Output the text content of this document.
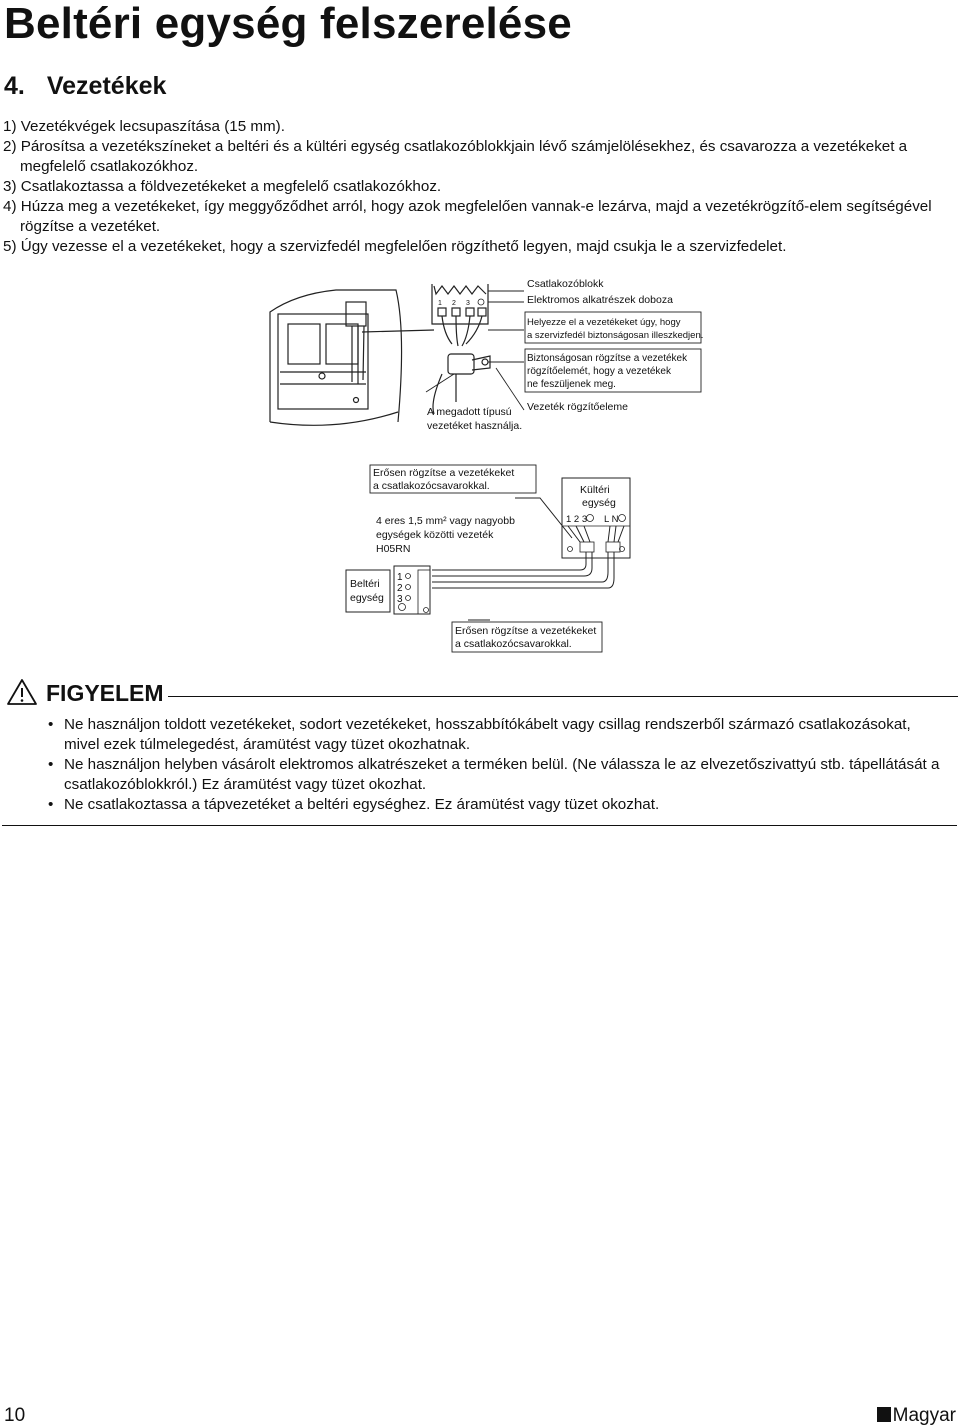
Beltéri egység felszerelése
4. Vezetékek
1) Vezetékvégek lecsupaszítása (15 mm).
2) Párosítsa a vezetékszíneket a beltéri és a kültéri egység csatlakozóblokkjain lévő számjelölésekhez, és csavarozza a vezetékeket a megfelelő csatlakozókhoz.
3) Csatlakoztassa a földvezetékeket a megfelelő csatlakozókhoz.
4) Húzza meg a vezetékeket, így meggyőződhet arról, hogy azok megfelelően vannak-e lezárva, majd a vezetékrögzítő-elem segítségével rögzítse a vezetéket.
5) Úgy vezesse el a vezetékeket, hogy a szervizfedél megfelelően rögzíthető legyen, majd csukja le a szervizfedelet.
1 2 3
Csatlakozóblokk
Elektromos alkatrészek doboza
Helyezze el a vezetékeket úgy, hogy
a szervizfedél biztonságosan illeszkedjen.
Biztonságosan rögzítse a vezetékek
rögzítőelemét, hogy a vezetékek
ne feszüljenek meg.
Vezeték rögzítőeleme
A megadott típusú
vezetéket használja.
Erősen rögzítse a vezetékeket
a csatlakozócsavarokkal.
4 eres 1,5 mm² vagy nagyobb
egységek közötti vezeték
H05RN
Kültéri
egység
1 2 3 L N
Beltéri
egység
1
2
3
Erősen rögzítse a vezetékeket
a csatlakozócsavarokkal.
FIGYELEM
• Ne használjon toldott vezetékeket, sodort vezetékeket, hosszabbítókábelt vagy csillag rendszerből származó csatlakozásokat, mivel ezek túlmelegedést, áramütést vagy tüzet okozhatnak.
• Ne használjon helyben vásárolt elektromos alkatrészeket a terméken belül. (Ne válassza le az elvezetőszivattyú stb. tápellátását a csatlakozóblokkról.) Ez áramütést vagy tüzet okozhat.
• Ne csatlakoztassa a tápvezetéket a beltéri egységhez. Ez áramütést vagy tüzet okozhat.
10	Magyar
